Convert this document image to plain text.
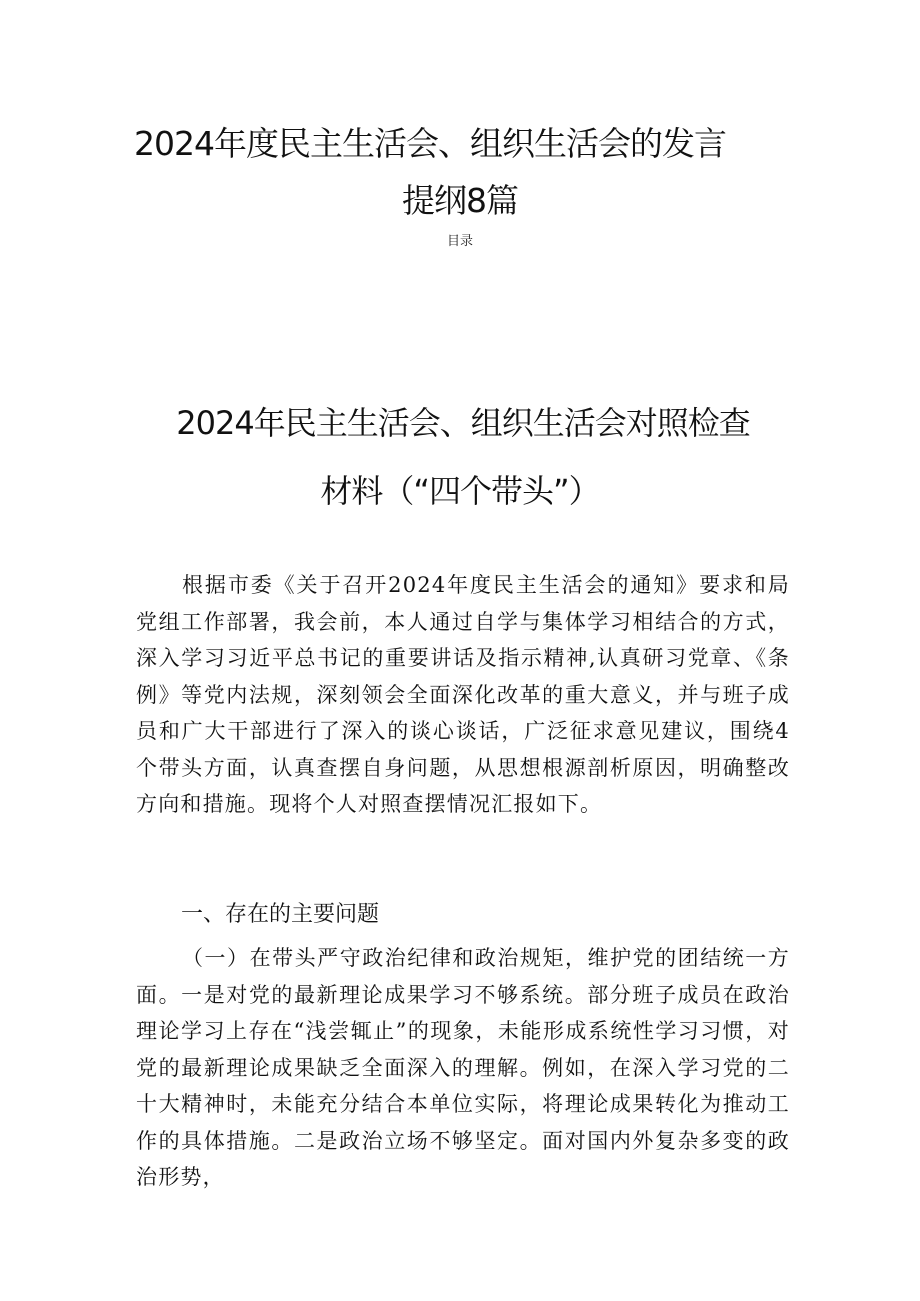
2024年度民主生活会、组织生活会的发言
提纲8篇
目录
2024年民主生活会、组织生活会对照检查
材料（“四个带头”）

根据市委《关于召开2024年度民主生活会的通知》要求和局党组工作部署，我会前，本人通过自学与集体学习相结合的方式，深入学习习近平总书记的重要讲话及指示精神,认真研习党章、《条例》等党内法规，深刻领会全面深化改革的重大意义，并与班子成员和广大干部进行了深入的谈心谈话，广泛征求意见建议，围绕4个带头方面，认真查摆自身问题，从思想根源剖析原因，明确整改方向和措施。现将个人对照查摆情况汇报如下。

一、存在的主要问题

（一）在带头严守政治纪律和政治规矩，维护党的团结统一方面。一是对党的最新理论成果学习不够系统。部分班子成员在政治理论学习上存在“浅尝辄止”的现象，未能形成系统性学习习惯，对党的最新理论成果缺乏全面深入的理解。例如，在深入学习党的二十大精神时，未能充分结合本单位实际，将理论成果转化为推动工作的具体措施。二是政治立场不够坚定。面对国内外复杂多变的政治形势，
